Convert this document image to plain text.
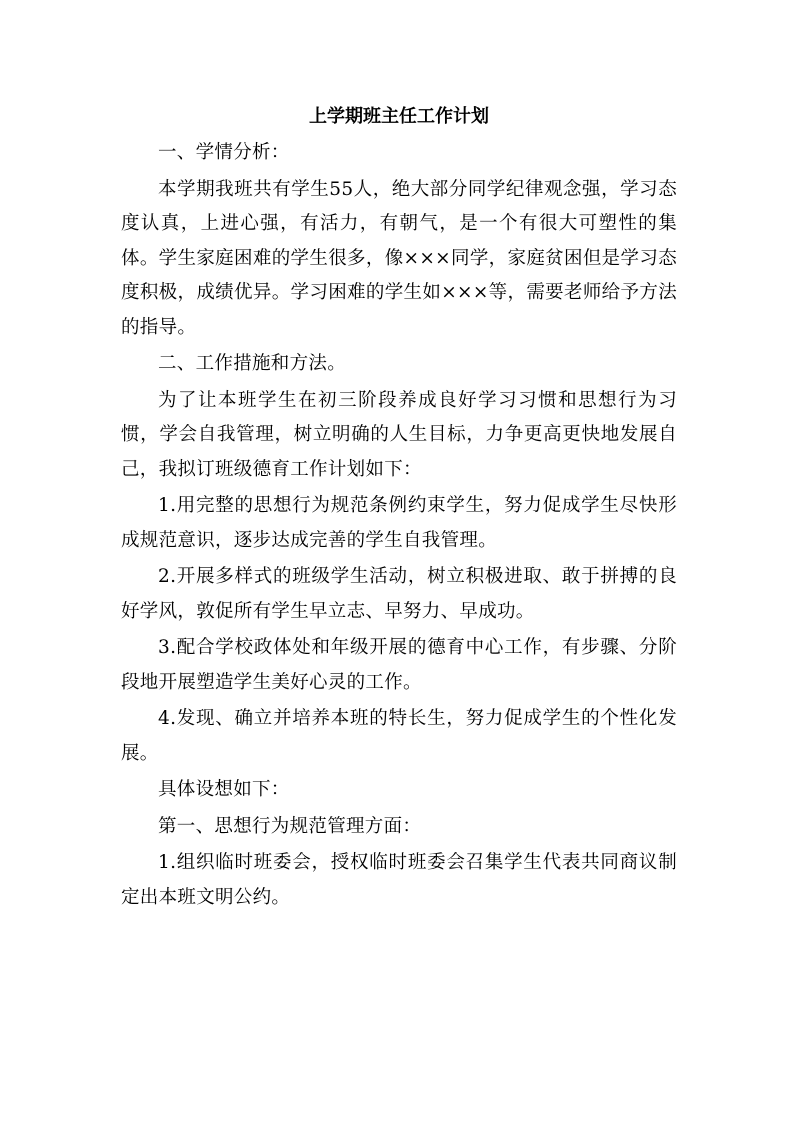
上学期班主任工作计划

一、学情分析：

本学期我班共有学生55人，绝大部分同学纪律观念强，学习态度认真，上进心强，有活力，有朝气，是一个有很大可塑性的集体。学生家庭困难的学生很多，像×××同学，家庭贫困但是学习态度积极，成绩优异。学习困难的学生如×××等，需要老师给予方法的指导。

二、工作措施和方法。

为了让本班学生在初三阶段养成良好学习习惯和思想行为习惯，学会自我管理，树立明确的人生目标，力争更高更快地发展自己，我拟订班级德育工作计划如下：

1.用完整的思想行为规范条例约束学生，努力促成学生尽快形成规范意识，逐步达成完善的学生自我管理。

2.开展多样式的班级学生活动，树立积极进取、敢于拼搏的良好学风，敦促所有学生早立志、早努力、早成功。

3.配合学校政体处和年级开展的德育中心工作，有步骤、分阶段地开展塑造学生美好心灵的工作。

4.发现、确立并培养本班的特长生，努力促成学生的个性化发展。

具体设想如下：

第一、思想行为规范管理方面：

1.组织临时班委会，授权临时班委会召集学生代表共同商议制定出本班文明公约。
